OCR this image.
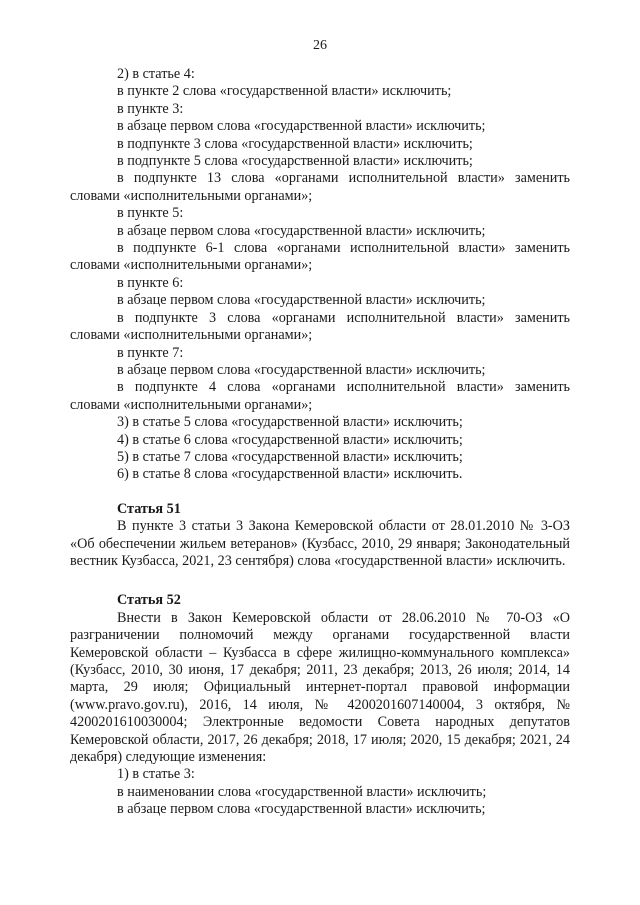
26

2) в статье 4:

в пункте 2 слова «государственной власти» исключить;

в пункте 3:

в абзаце первом слова «государственной власти» исключить;

в подпункте 3 слова «государственной власти» исключить;

в подпункте 5 слова «государственной власти» исключить;

в подпункте 13 слова «органами исполнительной власти» заменить словами «исполнительными органами»;

в пункте 5:

в абзаце первом слова «государственной власти» исключить;

в подпункте 6-1 слова «органами исполнительной власти» заменить словами «исполнительными органами»;

в пункте 6:

в абзаце первом слова «государственной власти» исключить;

в подпункте 3 слова «органами исполнительной власти» заменить словами «исполнительными органами»;

в пункте 7:

в абзаце первом слова «государственной власти» исключить;

в подпункте 4 слова «органами исполнительной власти» заменить словами «исполнительными органами»;

3) в статье 5 слова «государственной власти» исключить;

4) в статье 6 слова «государственной власти» исключить;

5) в статье 7 слова «государственной власти» исключить;

6) в статье 8 слова «государственной власти» исключить.

Статья 51

В пункте 3 статьи 3 Закона Кемеровской области от 28.01.2010 № 3-ОЗ «Об обеспечении жильем ветеранов» (Кузбасс, 2010, 29 января; Законодательный вестник Кузбасса, 2021, 23 сентября) слова «государственной власти» исключить.

Статья 52

Внести в Закон Кемеровской области от 28.06.2010 № 70-ОЗ «О разграничении полномочий между органами государственной власти Кемеровской области – Кузбасса в сфере жилищно-коммунального комплекса» (Кузбасс, 2010, 30 июня, 17 декабря; 2011, 23 декабря; 2013, 26 июля; 2014, 14 марта, 29 июля; Официальный интернет-портал правовой информации (www.pravo.gov.ru), 2016, 14 июля, № 4200201607140004, 3 октября, № 4200201610030004; Электронные ведомости Совета народных депутатов Кемеровской области, 2017, 26 декабря; 2018, 17 июля; 2020, 15 декабря; 2021, 24 декабря) следующие изменения:

1) в статье 3:

в наименовании слова «государственной власти» исключить;

в абзаце первом слова «государственной власти» исключить;
